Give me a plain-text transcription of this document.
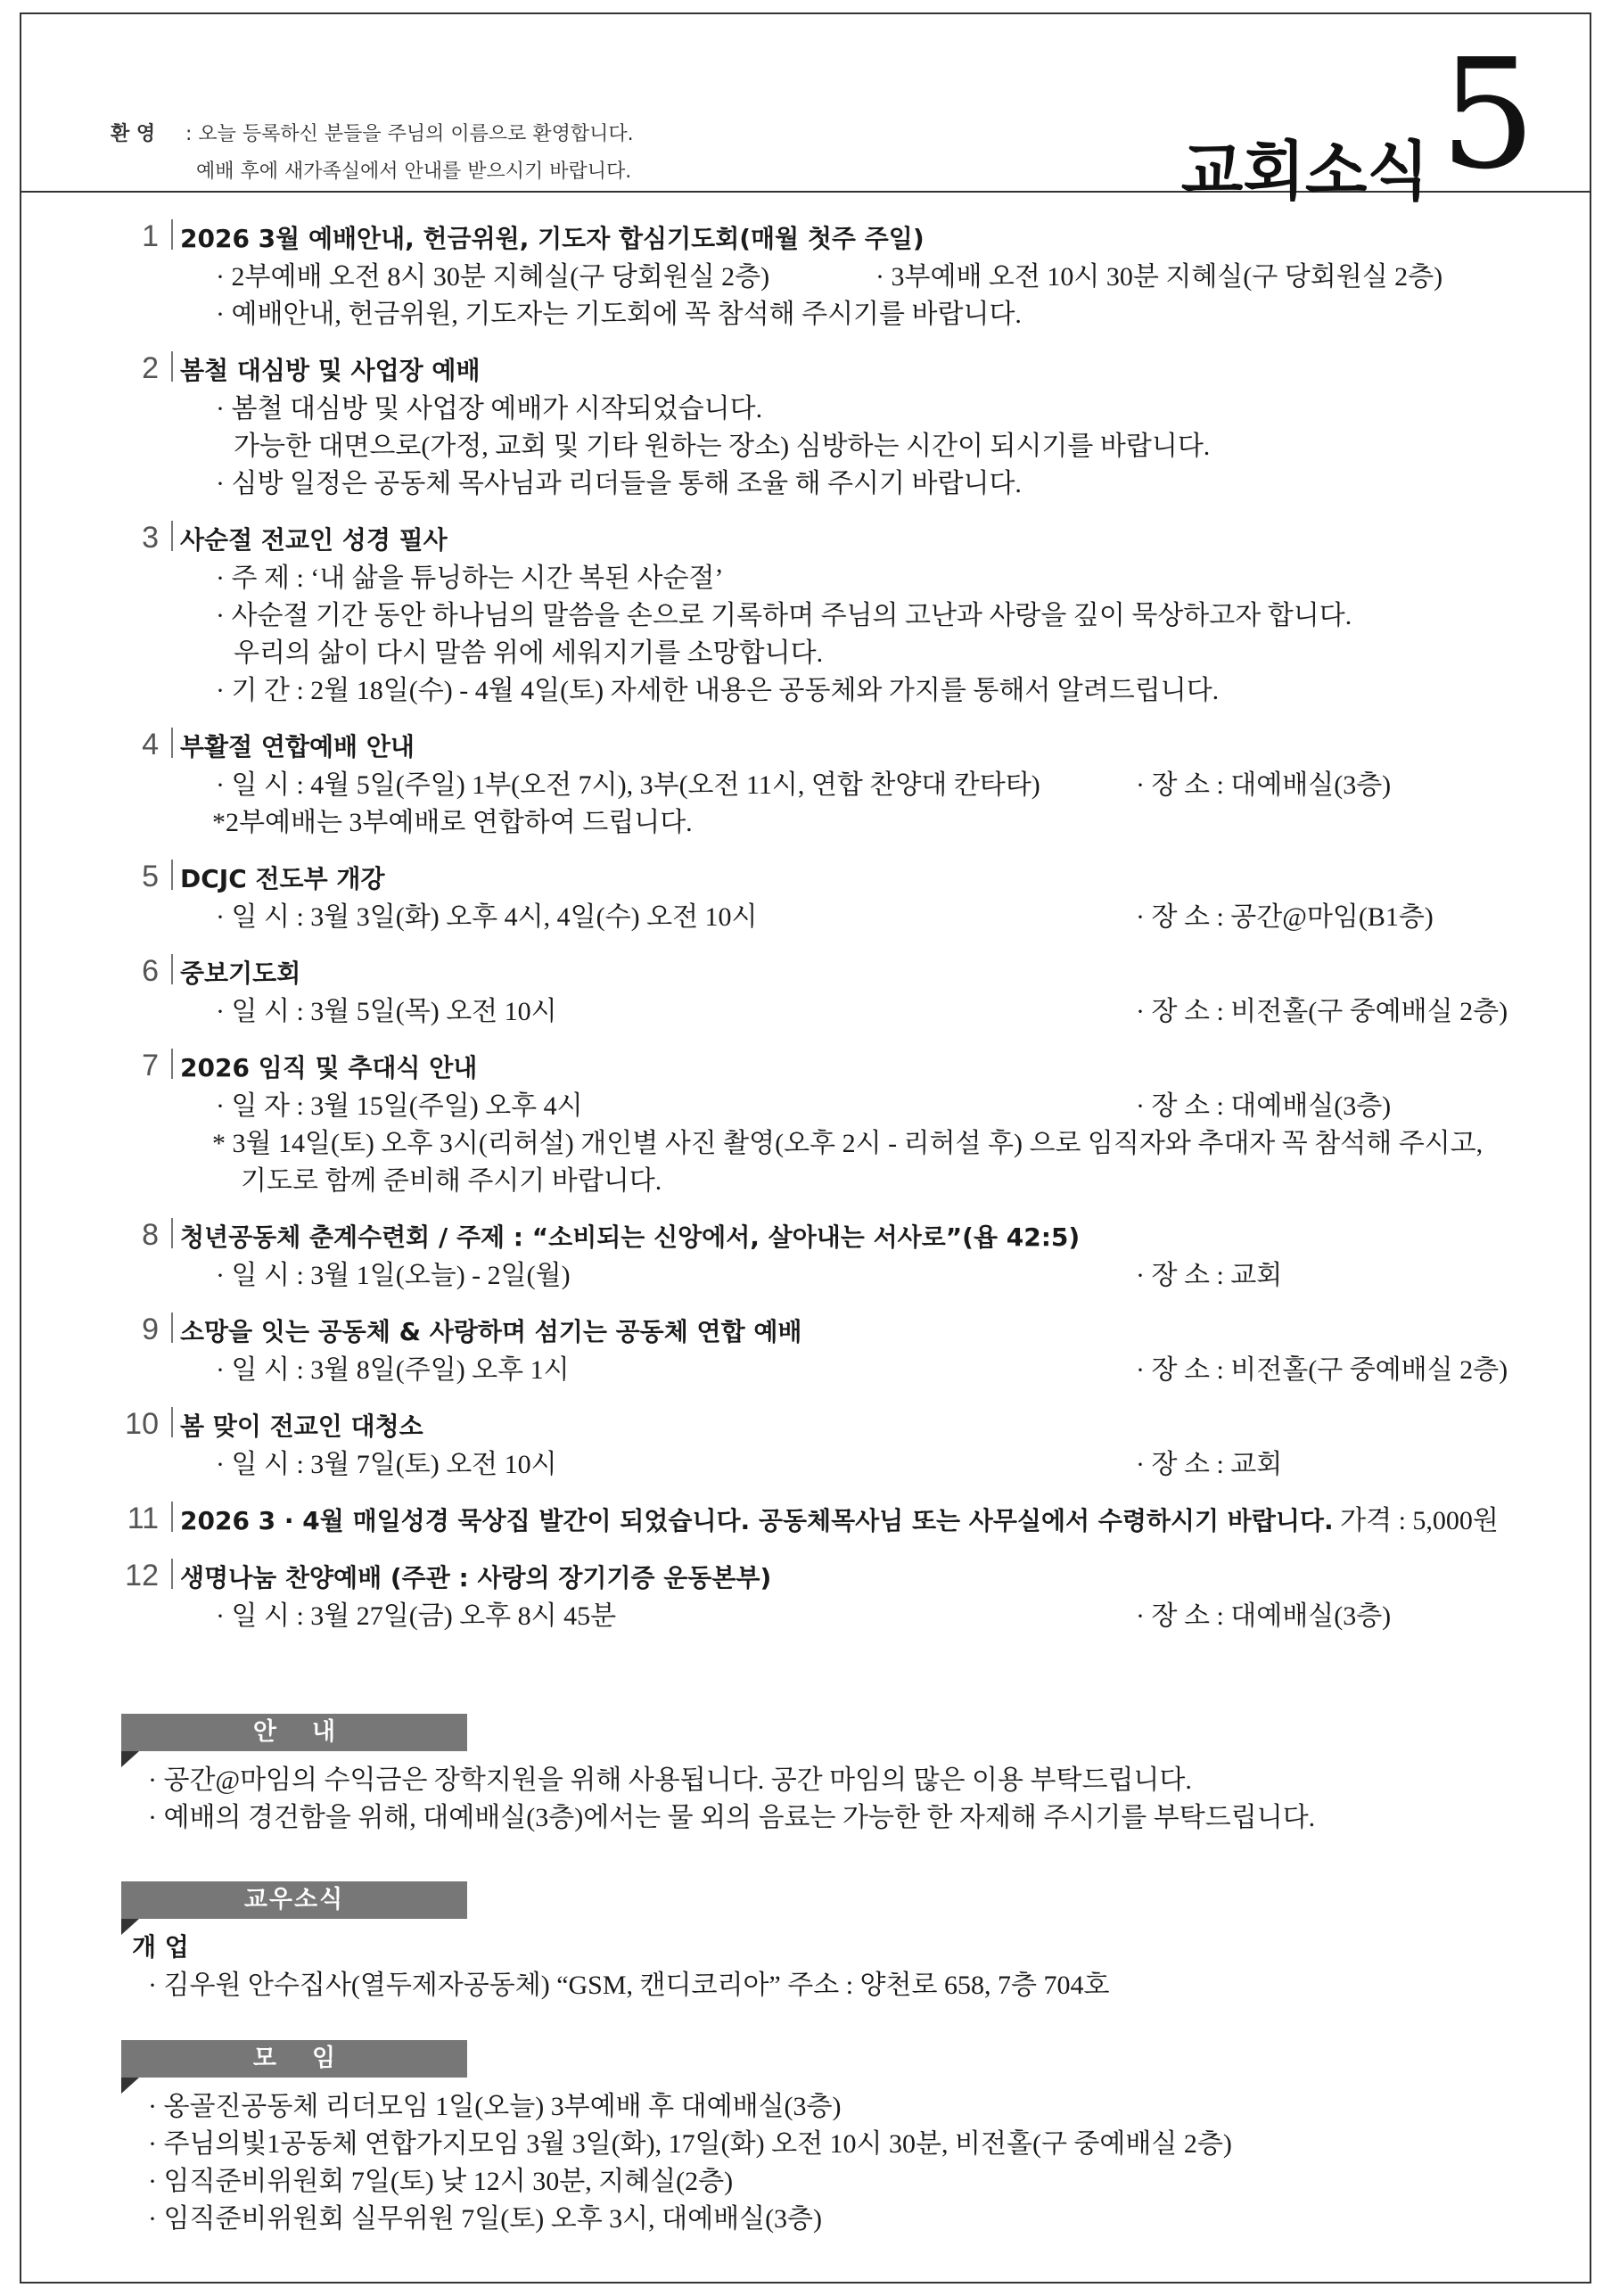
환 영 : 오늘 등록하신 분들을 주님의 이름으로 환영합니다.
예배 후에 새가족실에서 안내를 받으시기 바랍니다.	교회소식 5
1 2026 3월 예배안내, 헌금위원, 기도자 합심기도회(매월 첫주 주일)
· 2부예배 오전 8시 30분 지혜실(구 당회원실 2층)	· 3부예배 오전 10시 30분 지혜실(구 당회원실 2층)
· 예배안내, 헌금위원, 기도자는 기도회에 꼭 참석해 주시기를 바랍니다.
2 봄철 대심방 및 사업장 예배
· 봄철 대심방 및 사업장 예배가 시작되었습니다.
가능한 대면으로(가정, 교회 및 기타 원하는 장소) 심방하는 시간이 되시기를 바랍니다.
· 심방 일정은 공동체 목사님과 리더들을 통해 조율 해 주시기 바랍니다.
3 사순절 전교인 성경 필사
· 주 제 : ‘내 삶을 튜닝하는 시간 복된 사순절’
· 사순절 기간 동안 하나님의 말씀을 손으로 기록하며 주님의 고난과 사랑을 깊이 묵상하고자 합니다.
우리의 삶이 다시 말씀 위에 세워지기를 소망합니다.
· 기 간 : 2월 18일(수) - 4월 4일(토) 자세한 내용은 공동체와 가지를 통해서 알려드립니다.
4 부활절 연합예배 안내
· 일 시 : 4월 5일(주일) 1부(오전 7시), 3부(오전 11시, 연합 찬양대 칸타타)	· 장 소 : 대예배실(3층)
*2부예배는 3부예배로 연합하여 드립니다.
5 DCJC 전도부 개강
· 일 시 : 3월 3일(화) 오후 4시, 4일(수) 오전 10시	· 장 소 : 공간@마임(B1층)
6 중보기도회
· 일 시 : 3월 5일(목) 오전 10시	· 장 소 : 비전홀(구 중예배실 2층)
7 2026 임직 및 추대식 안내
· 일 자 : 3월 15일(주일) 오후 4시	· 장 소 : 대예배실(3층)
* 3월 14일(토) 오후 3시(리허설) 개인별 사진 촬영(오후 2시 - 리허설 후) 으로 임직자와 추대자 꼭 참석해 주시고,
기도로 함께 준비해 주시기 바랍니다.
8 청년공동체 춘계수련회 / 주제 : “소비되는 신앙에서, 살아내는 서사로”(욥 42:5)
· 일 시 : 3월 1일(오늘) - 2일(월)	· 장 소 : 교회
9 소망을 잇는 공동체 & 사랑하며 섬기는 공동체 연합 예배
· 일 시 : 3월 8일(주일) 오후 1시	· 장 소 : 비전홀(구 중예배실 2층)
10 봄 맞이 전교인 대청소
· 일 시 : 3월 7일(토) 오전 10시	· 장 소 : 교회
11 2026 3 · 4월 매일성경 묵상집 발간이 되었습니다. 공동체목사님 또는 사무실에서 수령하시기 바랍니다. 가격 : 5,000원
12 생명나눔 찬양예배 (주관 : 사랑의 장기기증 운동본부)
· 일 시 : 3월 27일(금) 오후 8시 45분	· 장 소 : 대예배실(3층)
안내
· 공간@마임의 수익금은 장학지원을 위해 사용됩니다. 공간 마임의 많은 이용 부탁드립니다.
· 예배의 경건함을 위해, 대예배실(3층)에서는 물 외의 음료는 가능한 한 자제해 주시기를 부탁드립니다.
교우소식
개 업
· 김우원 안수집사(열두제자공동체) “GSM, 캔디코리아” 주소 : 양천로 658, 7층 704호
모임
· 옹골진공동체 리더모임 1일(오늘) 3부예배 후 대예배실(3층)
· 주님의빛1공동체 연합가지모임 3월 3일(화), 17일(화) 오전 10시 30분, 비전홀(구 중예배실 2층)
· 임직준비위원회 7일(토) 낮 12시 30분, 지혜실(2층)
· 임직준비위원회 실무위원 7일(토) 오후 3시, 대예배실(3층)
